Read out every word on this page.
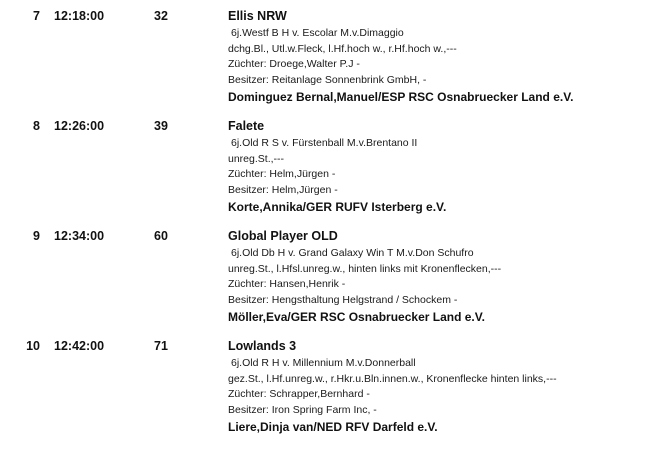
7 12:18:00	32	Ellis NRW
6j.Westf B H v. Escolar M.v.Dimaggio
dchg.Bl., Utl.w.Fleck, l.Hf.hoch w., r.Hf.hoch w.,---
Züchter: Droege,Walter P.J -
Besitzer: Reitanlage Sonnenbrink GmbH, -
Dominguez Bernal,Manuel/ESP RSC Osnabruecker Land e.V.
8 12:26:00	39	Falete
6j.Old R S v. Fürstenball M.v.Brentano II
unreg.St.,---
Züchter: Helm,Jürgen -
Besitzer: Helm,Jürgen -
Korte,Annika/GER RUFV Isterberg e.V.
9 12:34:00	60	Global Player OLD
6j.Old Db H v. Grand Galaxy Win T M.v.Don Schufro
unreg.St., l.Hfsl.unreg.w., hinten links mit Kronenflecken,---
Züchter: Hansen,Henrik -
Besitzer: Hengsthaltung Helgstrand / Schockem -
Möller,Eva/GER RSC Osnabruecker Land e.V.
10 12:42:00	71	Lowlands 3
6j.Old R H v. Millennium M.v.Donnerball
gez.St., l.Hf.unreg.w., r.Hkr.u.Bln.innen.w., Kronenflecke hinten links,---
Züchter: Schrapper,Bernhard -
Besitzer: Iron Spring Farm Inc, -
Liere,Dinja van/NED RFV Darfeld e.V.
